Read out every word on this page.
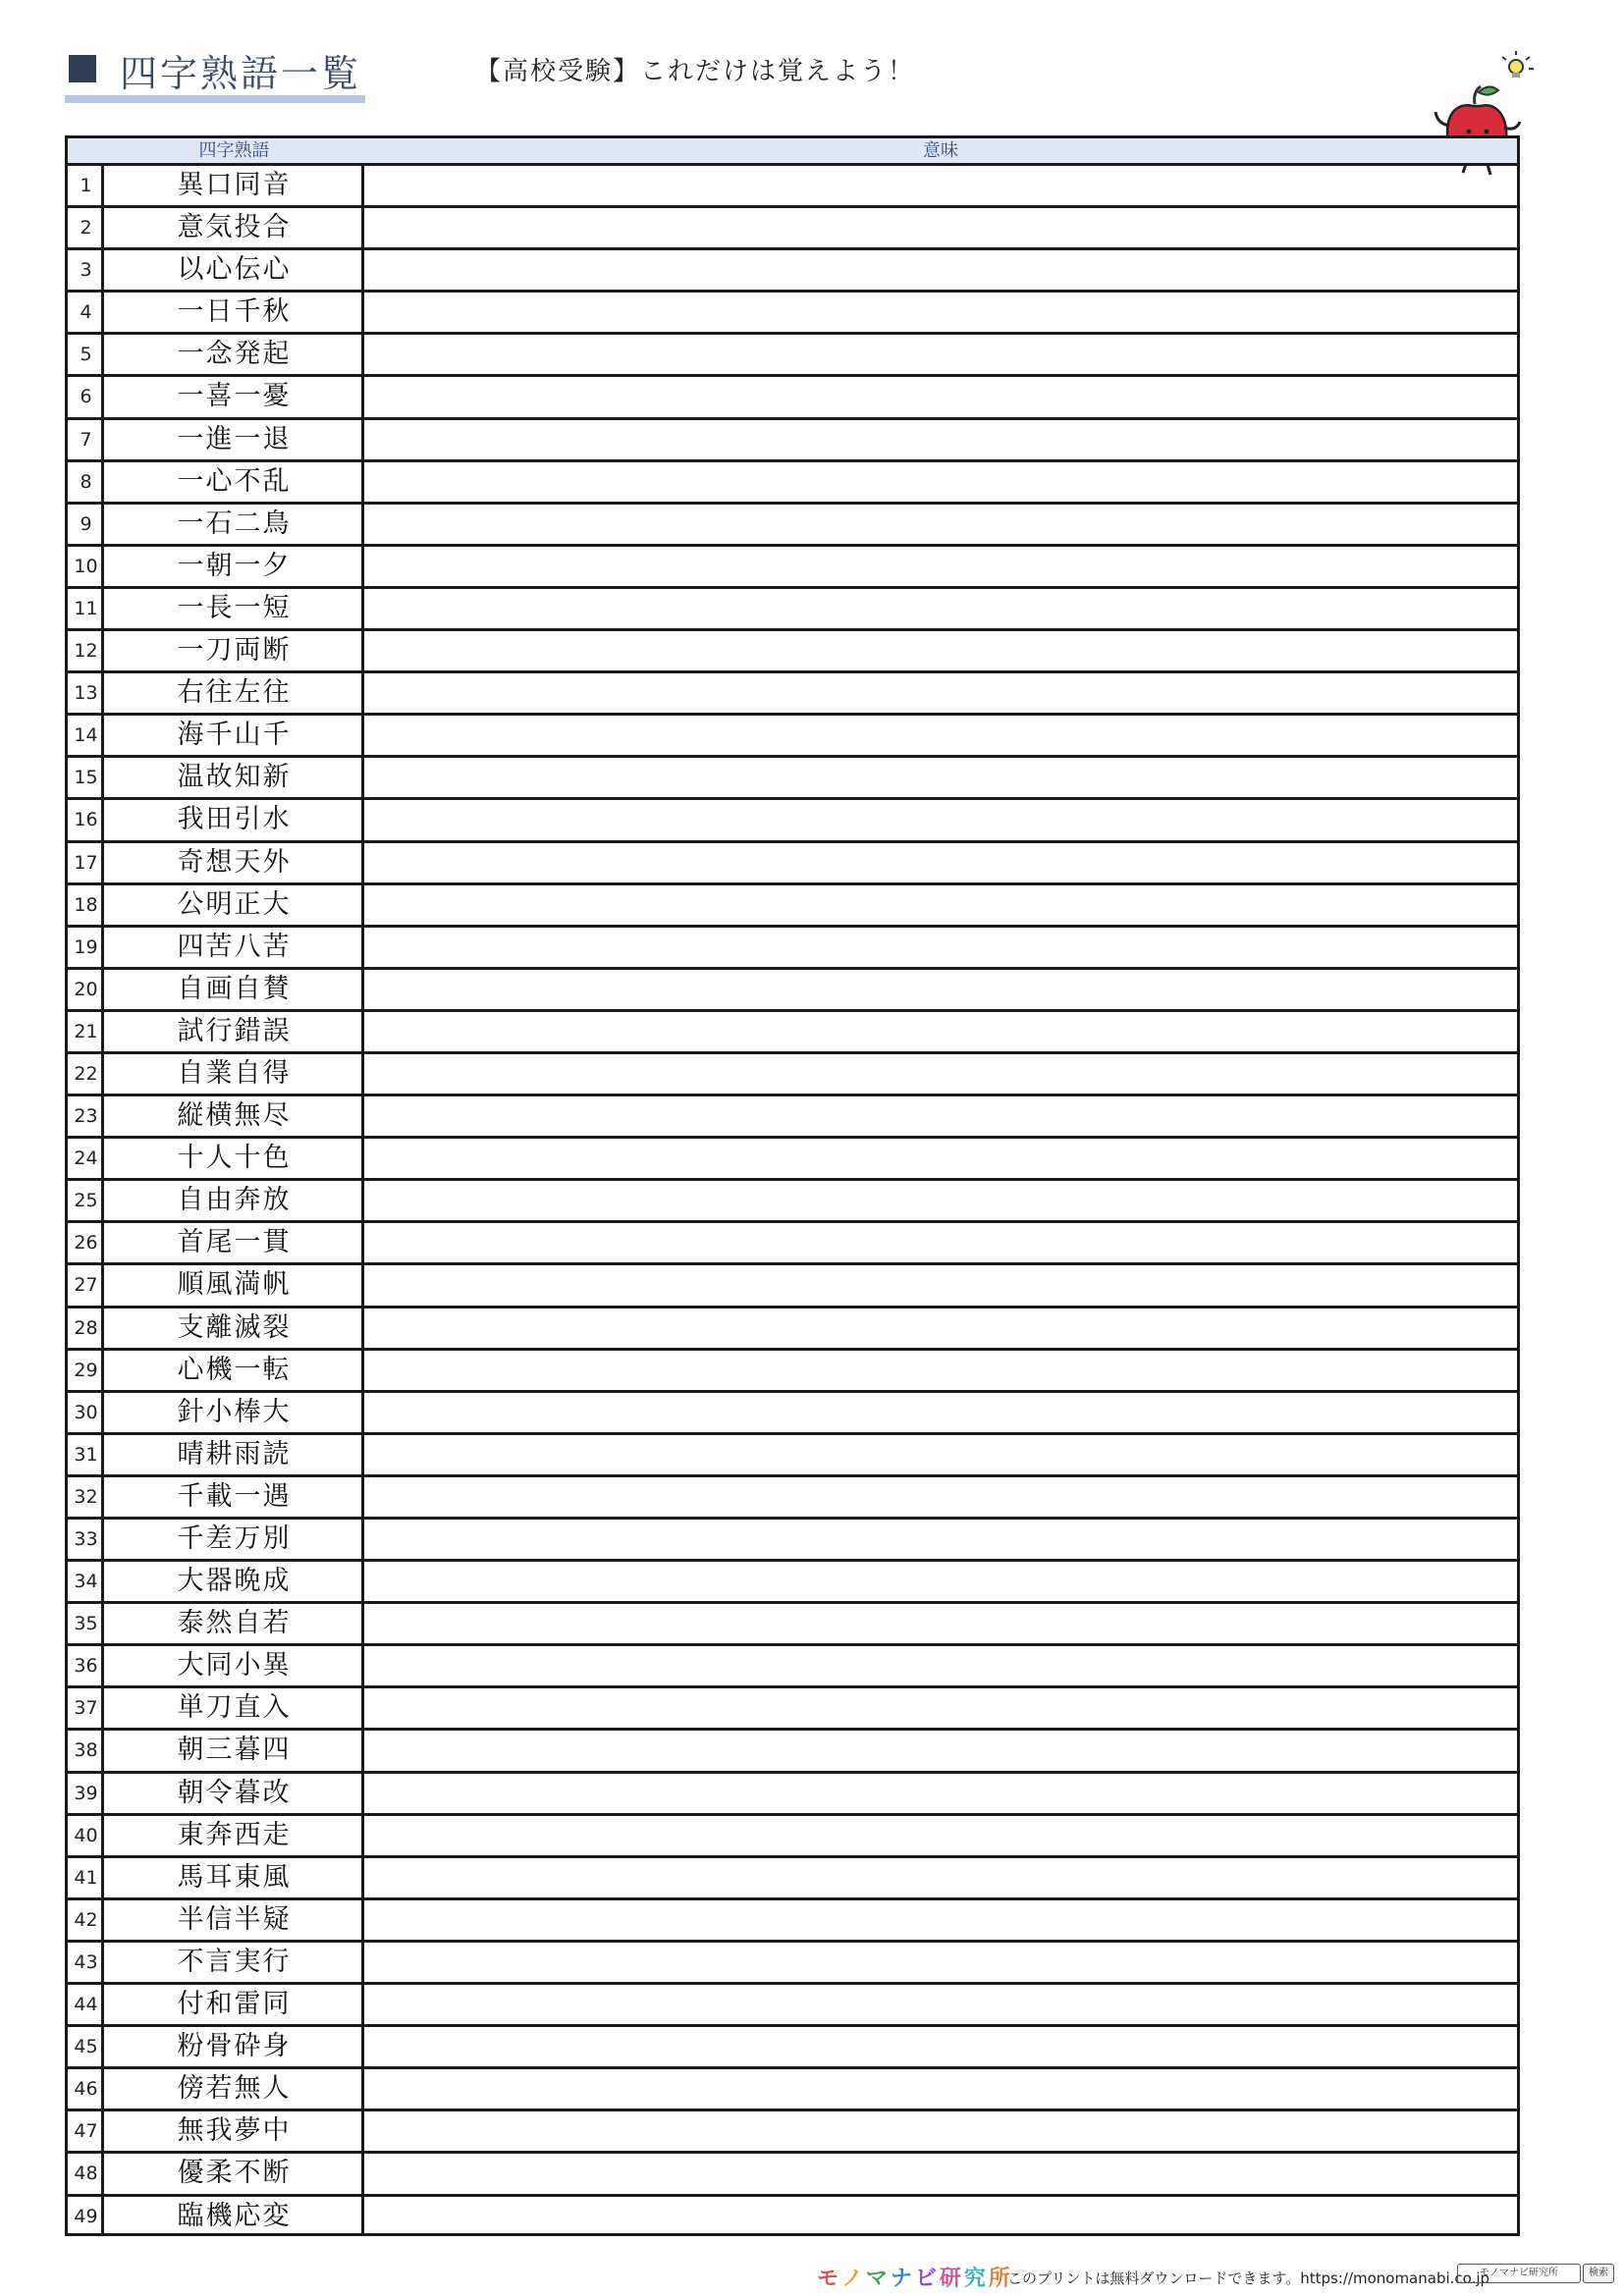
四字熟語一覧	【高校受験】これだけは覚えよう！
四字熟語	意味
1	異口同音
2	意気投合
3	以心伝心
4	一日千秋
5	一念発起
6	一喜一憂
7	一進一退
8	一心不乱
9	一石二鳥
10	一朝一夕
11	一長一短
12	一刀両断
13	右往左往
14	海千山千
15	温故知新
16	我田引水
17	奇想天外
18	公明正大
19	四苦八苦
20	自画自賛
21	試行錯誤
22	自業自得
23	縦横無尽
24	十人十色
25	自由奔放
26	首尾一貫
27	順風満帆
28	支離滅裂
29	心機一転
30	針小棒大
31	晴耕雨読
32	千載一遇
33	千差万別
34	大器晩成
35	泰然自若
36	大同小異
37	単刀直入
38	朝三暮四
39	朝令暮改
40	東奔西走
41	馬耳東風
42	半信半疑
43	不言実行
44	付和雷同
45	粉骨砕身
46	傍若無人
47	無我夢中
48	優柔不断
49	臨機応変
モノマナビ研究所
このプリントは無料ダウンロードできます。https://monomanabi.co.jp
モノマナビ研究所	検索
